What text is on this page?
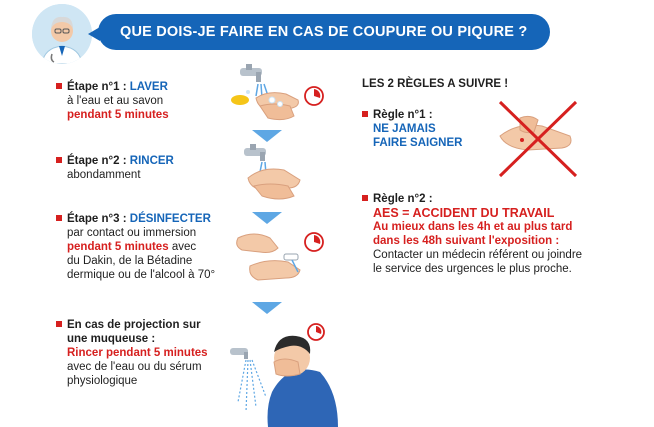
QUE DOIS-JE FAIRE EN CAS DE COUPURE OU PIQURE ?
Étape n°1 : LAVER
à l'eau et au savon
pendant 5 minutes
Étape n°2 : RINCER
abondamment
Étape n°3 : DÉSINFECTER
par contact ou immersion
pendant 5 minutes avec
du Dakin, de la Bétadine
dermique ou de l'alcool à 70°
En cas de projection sur
une muqueuse :
Rincer pendant 5 minutes
avec de l'eau ou du sérum
physiologique
LES 2 RÈGLES A SUIVRE !
Règle n°1 :
NE JAMAIS
FAIRE SAIGNER
Règle n°2 :
AES = ACCIDENT DU TRAVAIL
Au mieux dans les 4h et au plus tard
dans les 48h suivant l'exposition :
Contacter un médecin référent ou joindre
le service des urgences le plus proche.
